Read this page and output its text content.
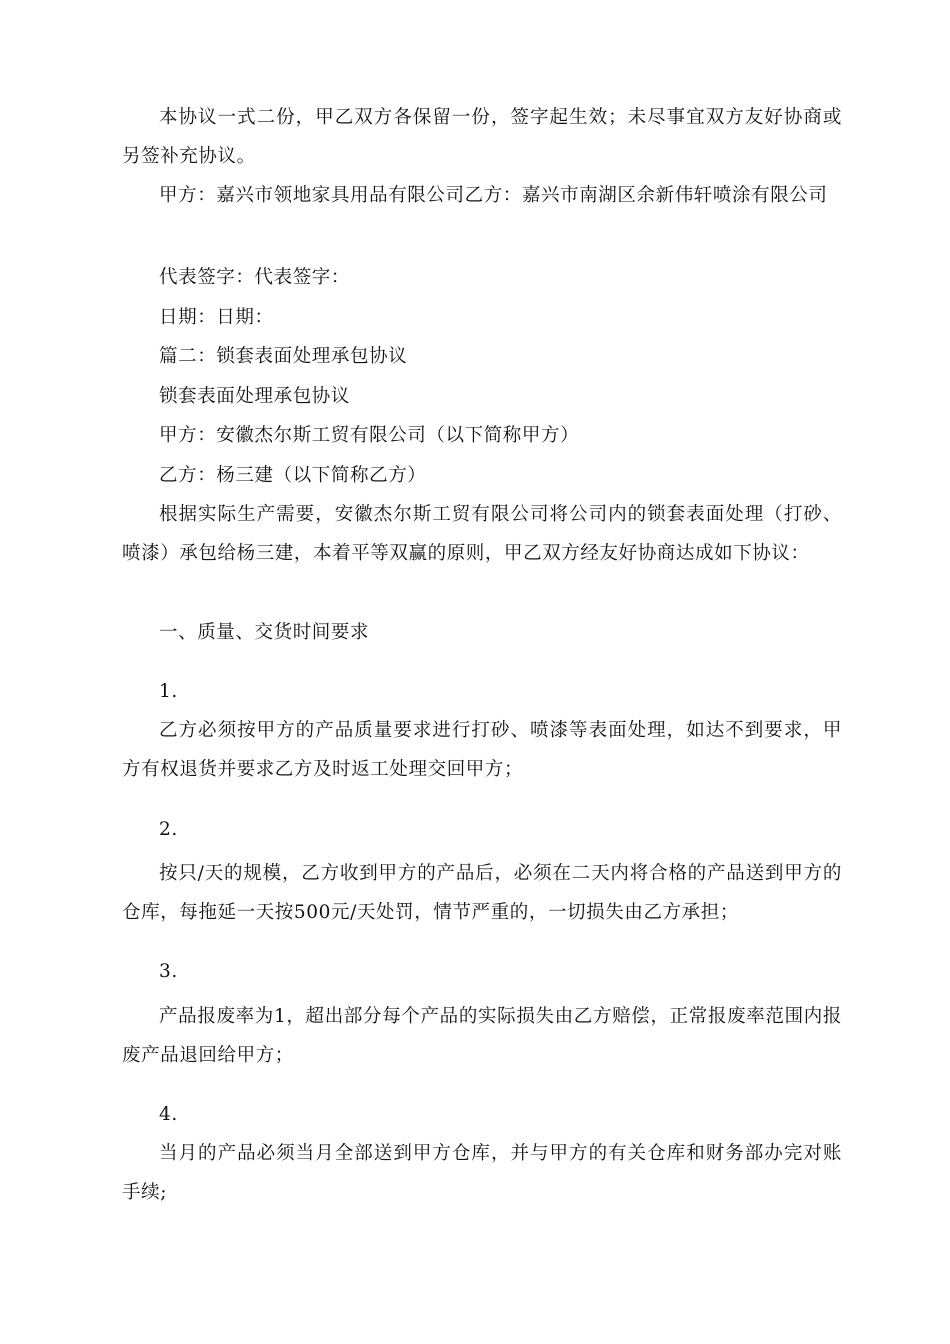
本协议一式二份，甲乙双方各保留一份，签字起生效；未尽事宜双方友好协商或另签补充协议。

甲方：嘉兴市领地家具用品有限公司乙方：嘉兴市南湖区余新伟轩喷涂有限公司

代表签字：代表签字：

日期：日期：

篇二：锁套表面处理承包协议

锁套表面处理承包协议

甲方：安徽杰尔斯工贸有限公司（以下简称甲方）

乙方：杨三建（以下简称乙方）

根据实际生产需要，安徽杰尔斯工贸有限公司将公司内的锁套表面处理（打砂、喷漆）承包给杨三建，本着平等双赢的原则，甲乙双方经友好协商达成如下协议：

一、质量、交货时间要求

1.

乙方必须按甲方的产品质量要求进行打砂、喷漆等表面处理，如达不到要求，甲方有权退货并要求乙方及时返工处理交回甲方；

2.

按只/天的规模，乙方收到甲方的产品后，必须在二天内将合格的产品送到甲方的仓库，每拖延一天按500元/天处罚，情节严重的，一切损失由乙方承担；

3.

产品报废率为1，超出部分每个产品的实际损失由乙方赔偿，正常报废率范围内报废产品退回给甲方；

4.

当月的产品必须当月全部送到甲方仓库，并与甲方的有关仓库和财务部办完对账手续;
